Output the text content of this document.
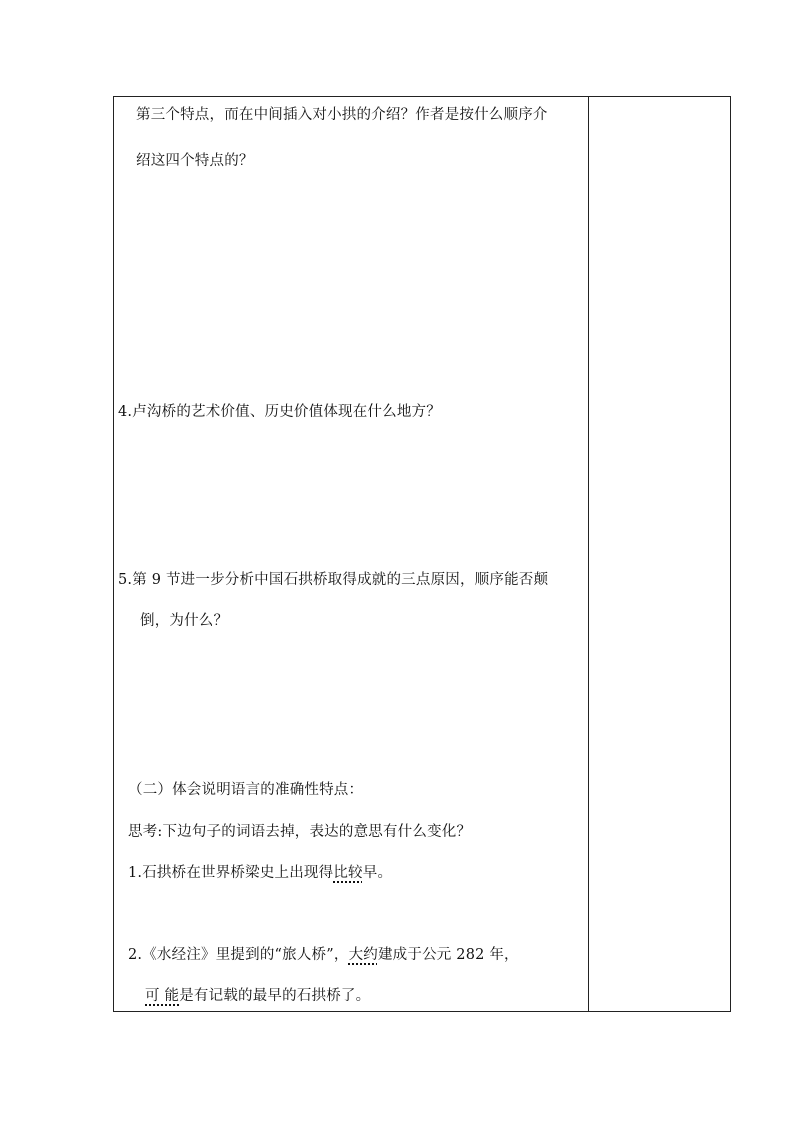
第三个特点，而在中间插入对小拱的介绍？作者是按什么顺序介
绍这四个特点的？
4.卢沟桥的艺术价值、历史价值体现在什么地方？
5.第 9 节进一步分析中国石拱桥取得成就的三点原因，顺序能否颠
倒，为什么？
（二）体会说明语言的准确性特点：
思考:下边句子的词语去掉，表达的意思有什么变化？
1.石拱桥在世界桥梁史上出现得比较早。
2.《水经注》里提到的“旅人桥”，大约建成于公元 282 年，
可 能是有记载的最早的石拱桥了。
